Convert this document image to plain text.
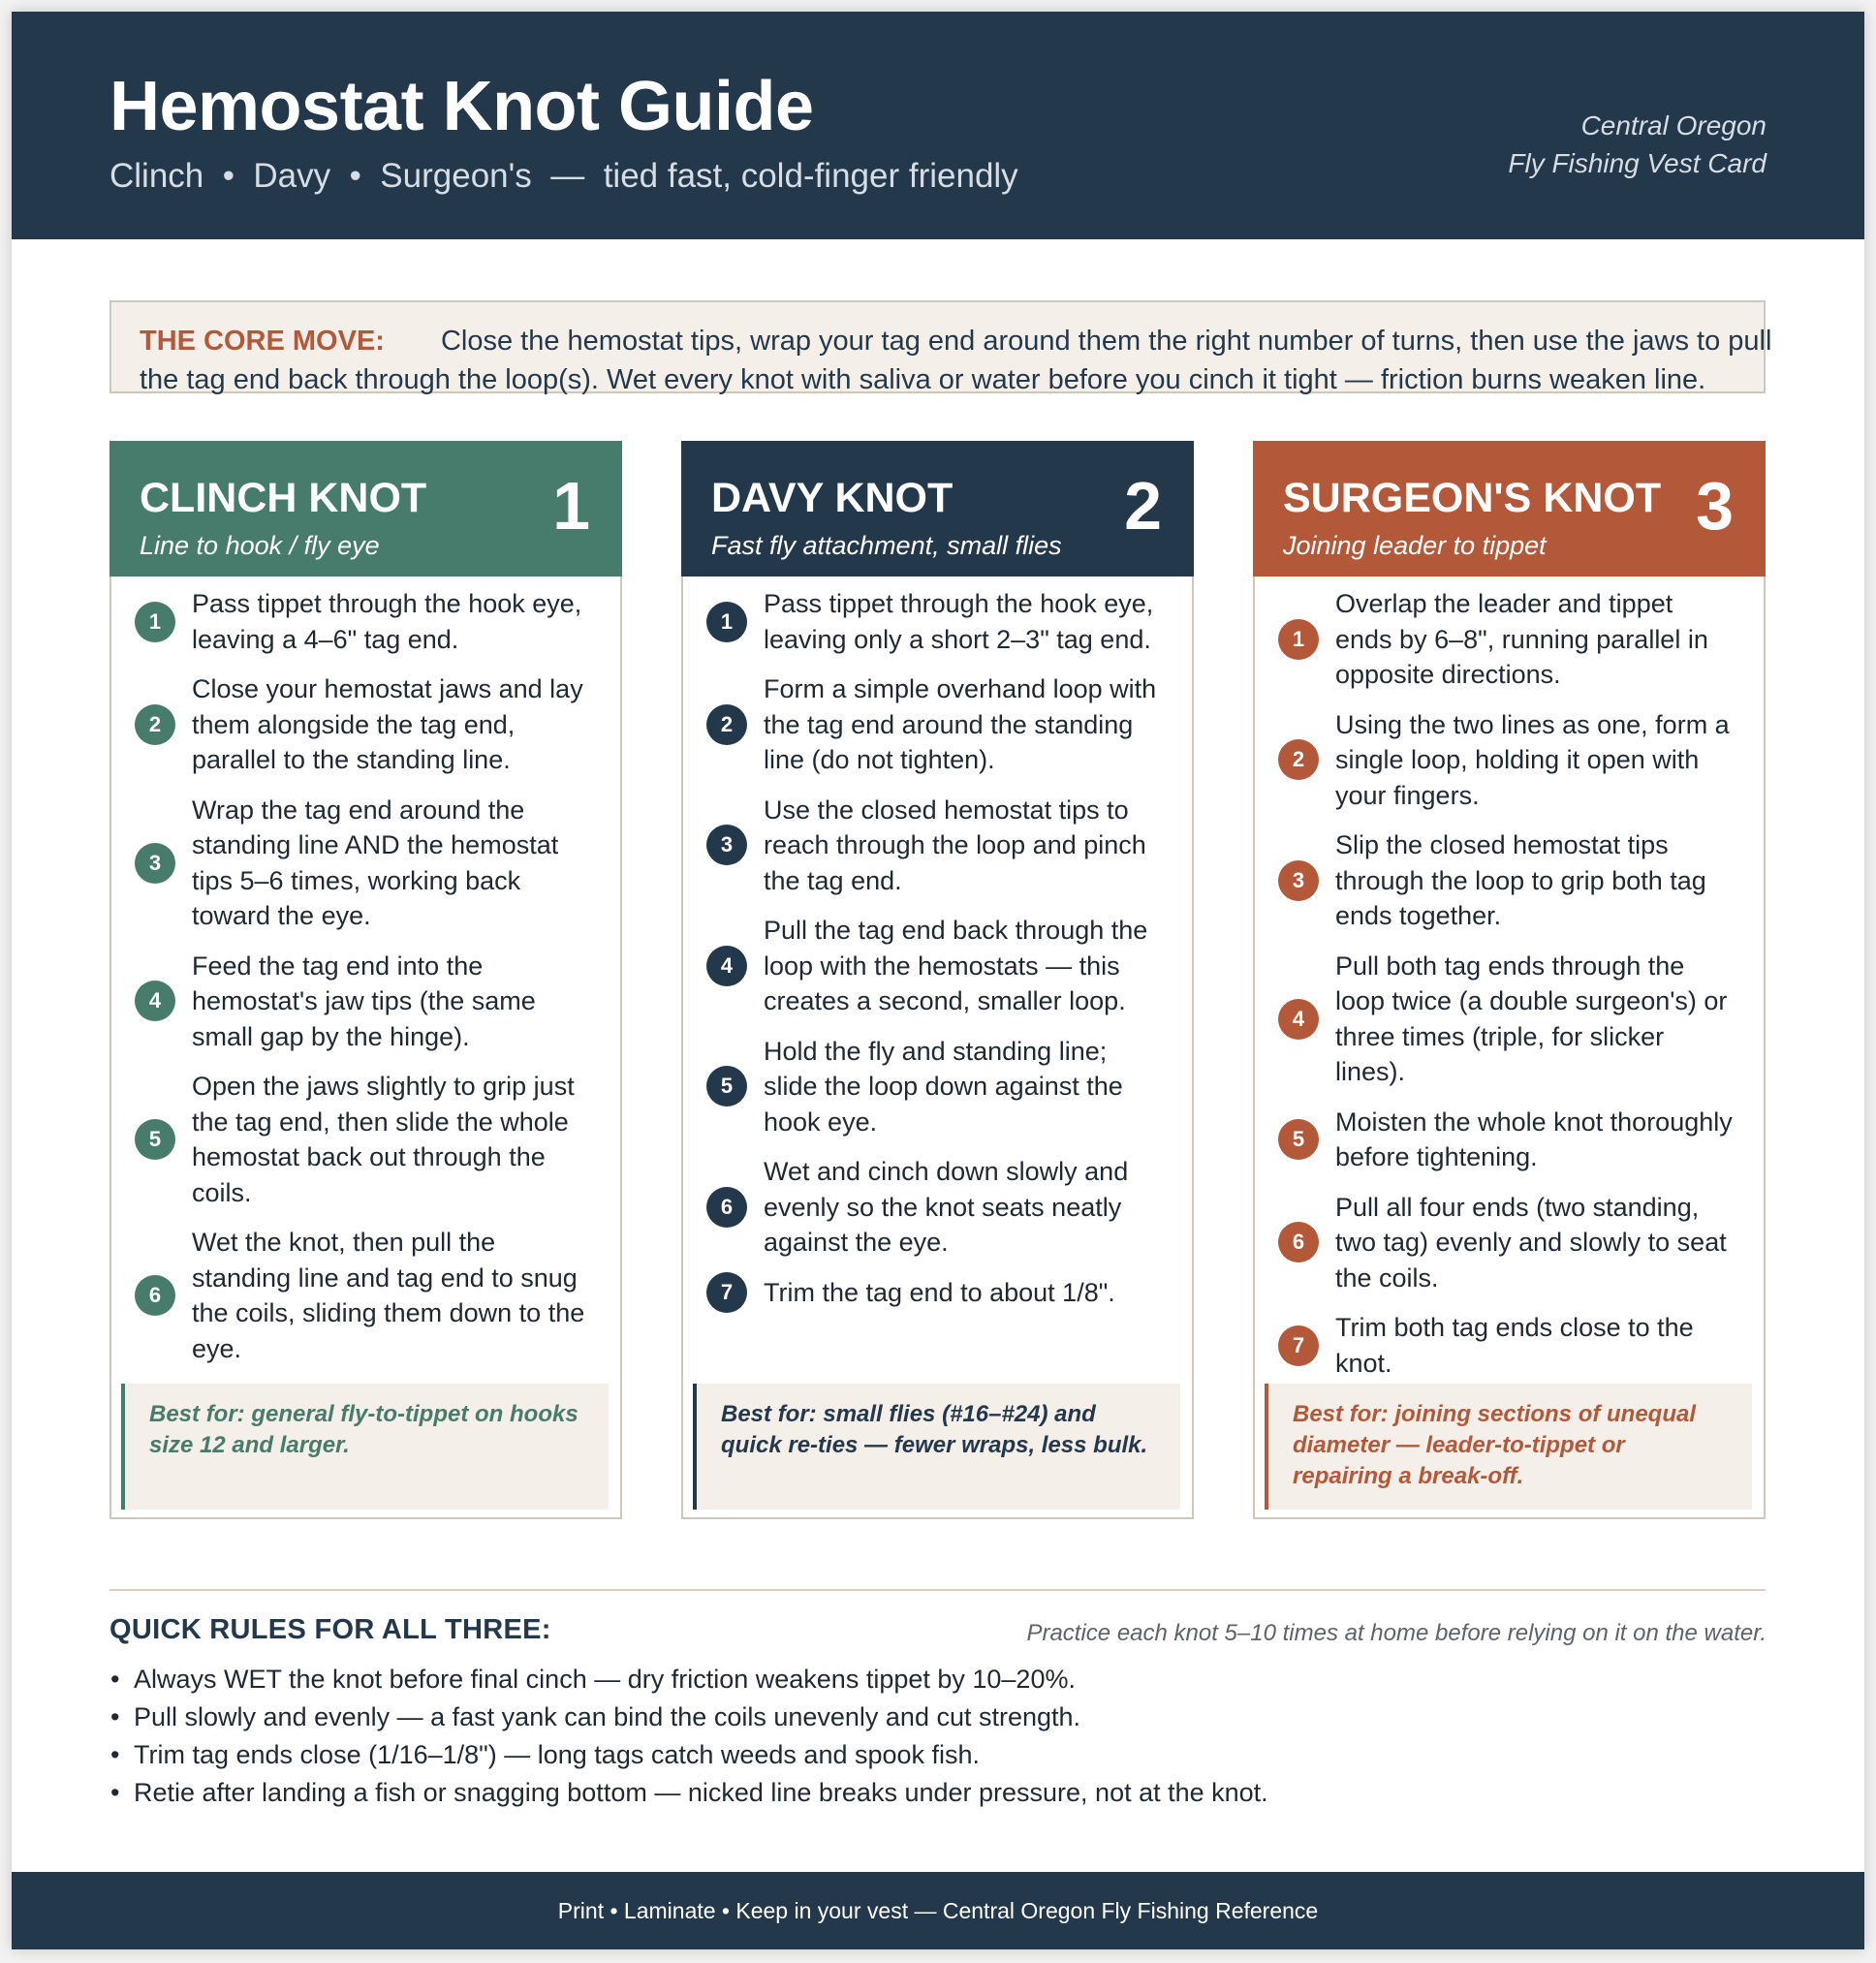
Hemostat Knot Guide
Clinch  •  Davy  •  Surgeon's  —  tied fast, cold-finger friendly
Central Oregon
Fly Fishing Vest Card

THE CORE MOVE: Close the hemostat tips, wrap your tag end around them the right number of turns, then use the jaws to pull the tag end back through the loop(s). Wet every knot with saliva or water before you cinch it tight — friction burns weaken line.

CLINCH KNOT
Line to hook / fly eye
1
1
Pass tippet through the hook eye, leaving a 4–6" tag end.
2
Close your hemostat jaws and lay them alongside the tag end, parallel to the standing line.
3
Wrap the tag end around the standing line AND the hemostat tips 5–6 times, working back toward the eye.
4
Feed the tag end into the hemostat's jaw tips (the same small gap by the hinge).
5
Open the jaws slightly to grip just the tag end, then slide the whole hemostat back out through the coils.
6
Wet the knot, then pull the standing line and tag end to snug the coils, sliding them down to the eye.
Best for: general fly-to-tippet on hooks size 12 and larger.
DAVY KNOT
Fast fly attachment, small flies
2
1
Pass tippet through the hook eye, leaving only a short 2–3" tag end.
2
Form a simple overhand loop with the tag end around the standing line (do not tighten).
3
Use the closed hemostat tips to reach through the loop and pinch the tag end.
4
Pull the tag end back through the loop with the hemostats — this creates a second, smaller loop.
5
Hold the fly and standing line; slide the loop down against the hook eye.
6
Wet and cinch down slowly and evenly so the knot seats neatly against the eye.
7	Trim the tag end to about 1/8".
Best for: small flies (#16–#24) and quick re-ties — fewer wraps, less bulk.
SURGEON'S KNOT
Joining leader to tippet
3
1
Overlap the leader and tippet ends by 6–8", running parallel in opposite directions.
2
Using the two lines as one, form a single loop, holding it open with your fingers.
3
Slip the closed hemostat tips through the loop to grip both tag ends together.
4
Pull both tag ends through the loop twice (a double surgeon's) or three times (triple, for slicker lines).
5
Moisten the whole knot thoroughly before tightening.
6
Pull all four ends (two standing, two tag) evenly and slowly to seat the coils.
7
Trim both tag ends close to the knot.
Best for: joining sections of unequal diameter — leader-to-tippet or repairing a break-off.
QUICK RULES FOR ALL THREE:	Practice each knot 5–10 times at home before relying on it on the water.
• Always WET the knot before final cinch — dry friction weakens tippet by 10–20%.
• Pull slowly and evenly — a fast yank can bind the coils unevenly and cut strength.
• Trim tag ends close (1/16–1/8") — long tags catch weeds and spook fish.
• Retie after landing a fish or snagging bottom — nicked line breaks under pressure, not at the knot.
Print • Laminate • Keep in your vest — Central Oregon Fly Fishing Reference
